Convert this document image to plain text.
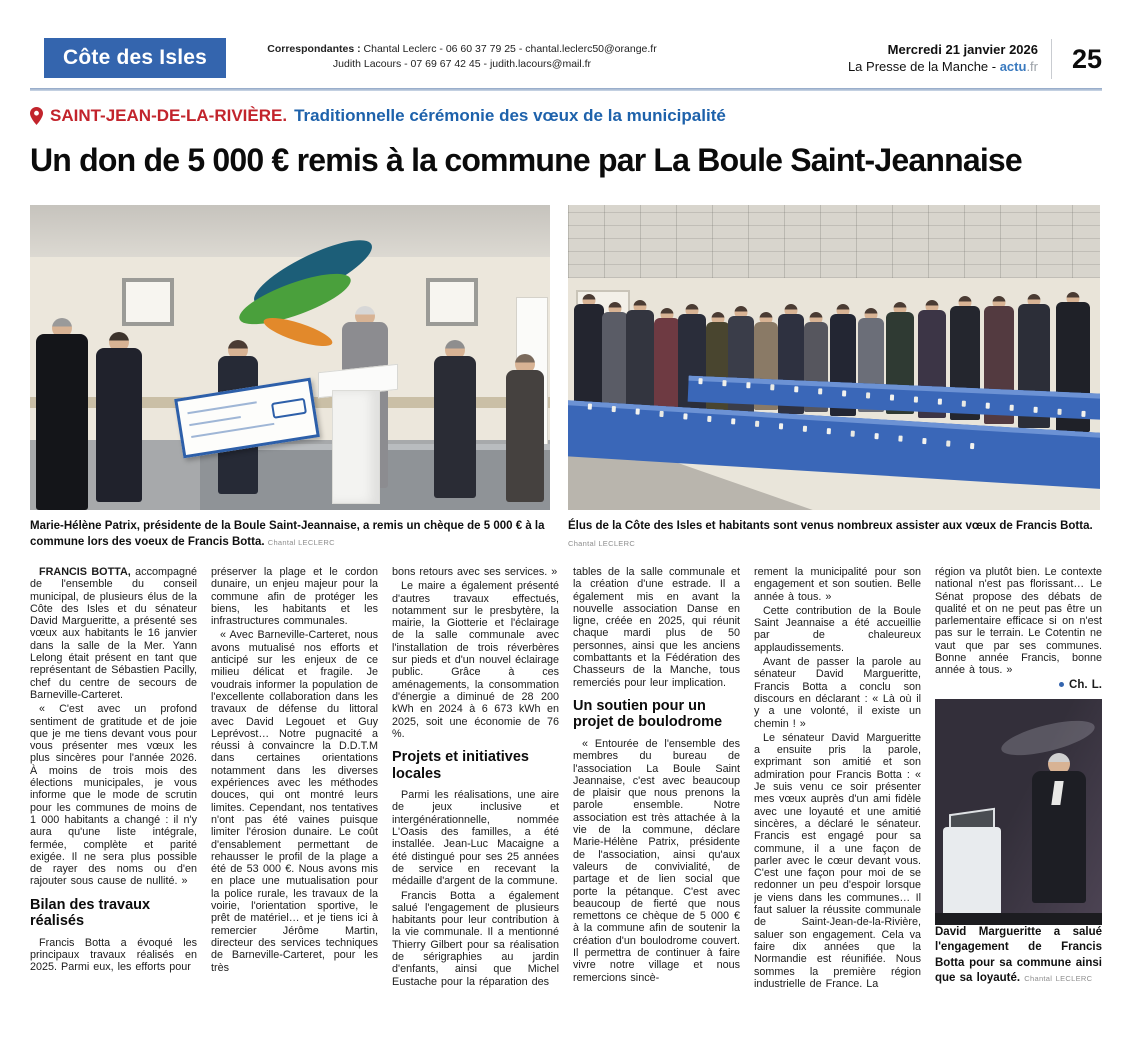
Côte des Isles	Correspondantes : Chantal Leclerc - 06 60 37 79 25 - chantal.leclerc50@orange.fr
Judith Lacours - 07 69 67 42 45 - judith.lacours@mail.fr
Mercredi 21 janvier 2026
La Presse de la Manche - actu.fr	25
SAINT-JEAN-DE-LA-RIVIÈRE. Traditionnelle cérémonie des vœux de la municipalité
Un don de 5 000 € remis à la commune par La Boule Saint-Jeannaise
Marie-Hélène Patrix, présidente de la Boule Saint-Jeannaise, a remis un chèque de 5 000 € à la commune lors des voeux de Francis Botta. Chantal LECLERC
Élus de la Côte des Isles et habitants sont venus nombreux assister aux vœux de Francis Botta.
Chantal LECLERC

FRANCIS BOTTA, accompagné de l'ensemble du conseil municipal, de plusieurs élus de la Côte des Isles et du sénateur David Margueritte, a présenté ses vœux aux habitants le 16 janvier dans la salle de la Mer. Yann Lelong était présent en tant que représentant de Sébastien Pacilly, chef du centre de secours de Barneville-Carteret.

« C'est avec un profond sentiment de gratitude et de joie que je me tiens devant vous pour vous présenter mes vœux les plus sincères pour l'année 2026. À moins de trois mois des élections municipales, je vous informe que le mode de scrutin pour les communes de moins de 1 000 habitants a changé : il n'y aura qu'une liste intégrale, fermée, complète et parité exigée. Il ne sera plus possible de rayer des noms ou d'en rajouter sous cause de nullité. »

Bilan des travaux réalisés

Francis Botta a évoqué les principaux travaux réalisés en 2025. Parmi eux, les efforts pour

préserver la plage et le cordon dunaire, un enjeu majeur pour la commune afin de protéger les biens, les habitants et les infrastructures communales.

« Avec Barneville-Carteret, nous avons mutualisé nos efforts et anticipé sur les enjeux de ce milieu délicat et fragile. Je voudrais informer la population de l'excellente collaboration dans les travaux de défense du littoral avec David Legouet et Guy Leprévost… Notre pugnacité a réussi à convaincre la D.D.T.M dans certaines orientations notamment dans les diverses expériences avec les méthodes douces, qui ont montré leurs limites. Cependant, nos tentatives n'ont pas été vaines puisque limiter l'érosion dunaire. Le coût d'ensablement permettant de rehausser le profil de la plage a été de 53 000 €. Nous avons mis en place une mutualisation pour la police rurale, les travaux de la voirie, l'orientation sportive, le prêt de matériel… et je tiens ici à remercier Jérôme Martin, directeur des services techniques de Barneville-Carteret, pour les très

bons retours avec ses services. »

Le maire a également présenté d'autres travaux effectués, notamment sur le presbytère, la mairie, la Giotterie et l'éclairage de la salle communale avec l'installation de trois réverbères sur pieds et d'un nouvel éclairage public. Grâce à ces aménagements, la consommation d'énergie a diminué de 28 200 kWh en 2024 à 6 673 kWh en 2025, soit une économie de 76 %.

Projets et initiatives locales

Parmi les réalisations, une aire de jeux inclusive et intergénérationnelle, nommée L'Oasis des familles, a été installée. Jean-Luc Macaigne a été distingué pour ses 25 années de service en recevant la médaille d'argent de la commune.

Francis Botta a également salué l'engagement de plusieurs habitants pour leur contribution à la vie communale. Il a mentionné Thierry Gilbert pour sa réalisation de sérigraphies au jardin d'enfants, ainsi que Michel Eustache pour la réparation des

tables de la salle communale et la création d'une estrade. Il a également mis en avant la nouvelle association Danse en ligne, créée en 2025, qui réunit chaque mardi plus de 50 personnes, ainsi que les anciens combattants et la Fédération des Chasseurs de la Manche, tous remerciés pour leur implication.

Un soutien pour un projet de boulodrome

« Entourée de l'ensemble des membres du bureau de l'association La Boule Saint Jeannaise, c'est avec beaucoup de plaisir que nous prenons la parole ensemble. Notre association est très attachée à la vie de la commune, déclare Marie-Hélène Patrix, présidente de l'association, ainsi qu'aux valeurs de convivialité, de partage et de lien social que porte la pétanque. C'est avec beaucoup de fierté que nous remettons ce chèque de 5 000 € à la commune afin de soutenir la création d'un boulodrome couvert. Il permettra de continuer à faire vivre notre village et nous remercions sincè-

rement la municipalité pour son engagement et son soutien. Belle année à tous. »

Cette contribution de la Boule Saint Jeannaise a été accueillie par de chaleureux applaudissements.

Avant de passer la parole au sénateur David Margueritte, Francis Botta a conclu son discours en déclarant : « Là où il y a une volonté, il existe un chemin ! »

Le sénateur David Margueritte a ensuite pris la parole, exprimant son amitié et son admiration pour Francis Botta : « Je suis venu ce soir présenter mes vœux auprès d'un ami fidèle avec une loyauté et une amitié sincères, a déclaré le sénateur. Francis est engagé pour sa commune, il a une façon de parler avec le cœur devant vous. C'est une façon pour moi de se redonner un peu d'espoir lorsque je viens dans les communes… Il faut saluer la réussite communale de Saint-Jean-de-la-Rivière, saluer son engagement. Cela va faire dix années que la Normandie est réunifiée. Nous sommes la première région industrielle de France. La

région va plutôt bien. Le contexte national n'est pas florissant… Le Sénat propose des débats de qualité et on ne peut pas être un parlementaire efficace si on n'est pas sur le terrain. Le Cotentin ne vaut que par ses communes. Bonne année Francis, bonne année à tous. »

Ch. L.

David Margueritte a salué l'engagement de Francis Botta pour sa commune ainsi que sa loyauté. Chantal LECLERC
